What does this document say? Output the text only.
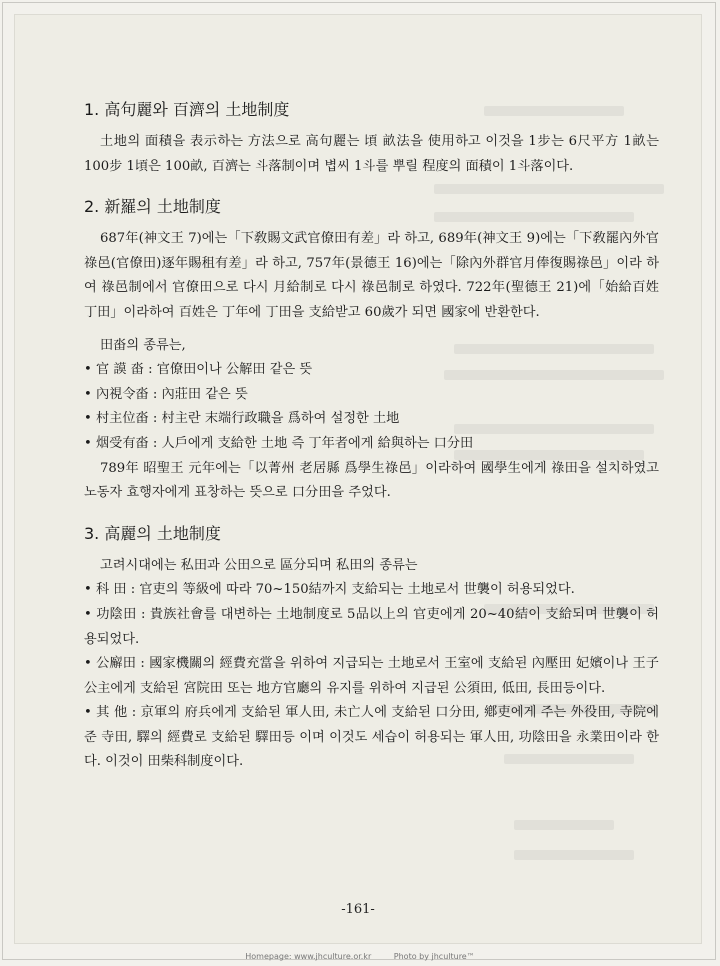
1. 高句麗와 百濟의 土地制度

土地의 面積을 表示하는 方法으로 高句麗는 頃 畝法을 使用하고 이것을 1步는 6尺平方 1畝는 100步 1頃은 100畝, 百濟는 斗落制이며 볍씨 1斗를 뿌릴 程度의 面積이 1斗落이다.

2. 新羅의 土地制度

687年(神文王 7)에는「下敎賜文武官僚田有差」라 하고, 689年(神文王 9)에는「下敎罷內外官祿邑(官僚田)逐年賜租有差」라 하고, 757年(景德王 16)에는「除內外群官月俸復賜祿邑」이라 하여 祿邑制에서 官僚田으로 다시 月給制로 다시 祿邑制로 하였다. 722年(聖德王 21)에「始給百姓丁田」이라하여 百姓은 丁年에 丁田을 支給받고 60歲가 되면 國家에 반환한다.

田畓의 종류는,

• 官 謨 畓 : 官僚田이나 公解田 같은 뜻
• 內視令畓 : 內莊田 같은 뜻
• 村主位畓 : 村主란 末端行政職을 爲하여 설정한 土地
• 烟受有畓 : 人戶에게 支給한 土地 즉 丁年者에게 給與하는 口分田

789年 昭聖王 元年에는「以菁州 老居縣 爲學生祿邑」이라하여 國學生에게 祿田을 설치하였고 노동자 효행자에게 표창하는 뜻으로 口分田을 주었다.

3. 高麗의 土地制度

고려시대에는 私田과 公田으로 區分되며 私田의 종류는

• 科 田 : 官吏의 等級에 따라 70~150結까지 支給되는 土地로서 世襲이 허용되었다.

• 功陰田 : 貴族社會를 대변하는 土地制度로 5品以上의 官吏에게 20~40結이 支給되며 世襲이 허용되었다.

• 公廨田 : 國家機關의 經費充當을 위하여 지급되는 土地로서 王室에 支給된 內壓田 妃嬪이나 王子 公主에게 支給된 宮院田 또는 地方官廳의 유지를 위하여 지급된 公須田, 低田, 長田등이다.

• 其 他 : 京軍의 府兵에게 支給된 軍人田, 未亡人에 支給된 口分田, 鄕吏에게 주는 外役田, 寺院에 준 寺田, 驛의 經費로 支給된 驛田등 이며 이것도 세습이 허용되는 軍人田, 功陰田을 永業田이라 한다. 이것이 田柴科制度이다.

-161-
Homepage: www.jhculture.or.kr	Photo by jhculture™
